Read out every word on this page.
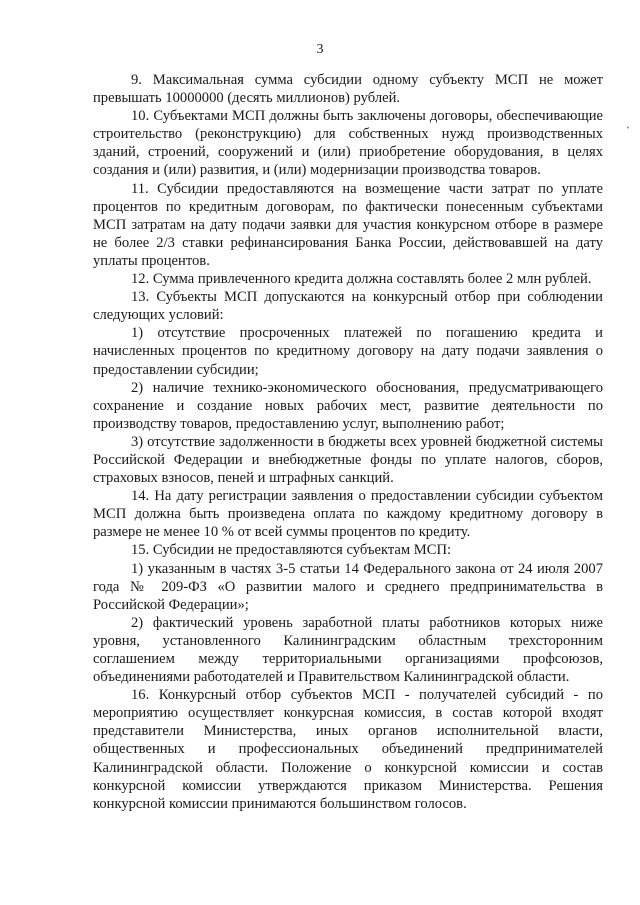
3
`

9. Максимальная сумма субсидии одному субъекту МСП не может превышать 10000000 (десять миллионов) рублей.

10. Субъектами МСП должны быть заключены договоры, обеспечивающие строительство (реконструкцию) для собственных нужд производственных зданий, строений, сооружений и (или) приобретение оборудования, в целях создания и (или) развития, и (или) модернизации производства товаров.

11. Субсидии предоставляются на возмещение части затрат по уплате процентов по кредитным договорам, по фактически понесенным субъектами МСП затратам на дату подачи заявки для участия конкурсном отборе в размере не более 2/3 ставки рефинансирования Банка России, действовавшей на дату уплаты процентов.

12. Сумма привлеченного кредита должна составлять более 2 млн рублей.

13. Субъекты МСП допускаются на конкурсный отбор при соблюдении следующих условий:

1) отсутствие просроченных платежей по погашению кредита и начисленных процентов по кредитному договору на дату подачи заявления о предоставлении субсидии;

2) наличие технико-экономического обоснования, предусматривающего сохранение и создание новых рабочих мест, развитие деятельности по производству товаров, предоставлению услуг, выполнению работ;

3) отсутствие задолженности в бюджеты всех уровней бюджетной системы Российской Федерации и внебюджетные фонды по уплате налогов, сборов, страховых взносов, пеней и штрафных санкций.

14. На дату регистрации заявления о предоставлении субсидии субъектом МСП должна быть произведена оплата по каждому кредитному договору в размере не менее 10 % от всей суммы процентов по кредиту.

15. Субсидии не предоставляются субъектам МСП:

1) указанным в частях 3-5 статьи 14 Федерального закона от 24 июля 2007 года № 209-ФЗ «О развитии малого и среднего предпринимательства в Российской Федерации»;

2) фактический уровень заработной платы работников которых ниже уровня, установленного Калининградским областным трехсторонним соглашением между территориальными организациями профсоюзов, объединениями работодателей и Правительством Калининградской области.

16. Конкурсный отбор субъектов МСП - получателей субсидий - по мероприятию осуществляет конкурсная комиссия, в состав которой входят представители Министерства, иных органов исполнительной власти, общественных и профессиональных объединений предпринимателей Калининградской области. Положение о конкурсной комиссии и состав конкурсной комиссии утверждаются приказом Министерства. Решения конкурсной комиссии принимаются большинством голосов.
